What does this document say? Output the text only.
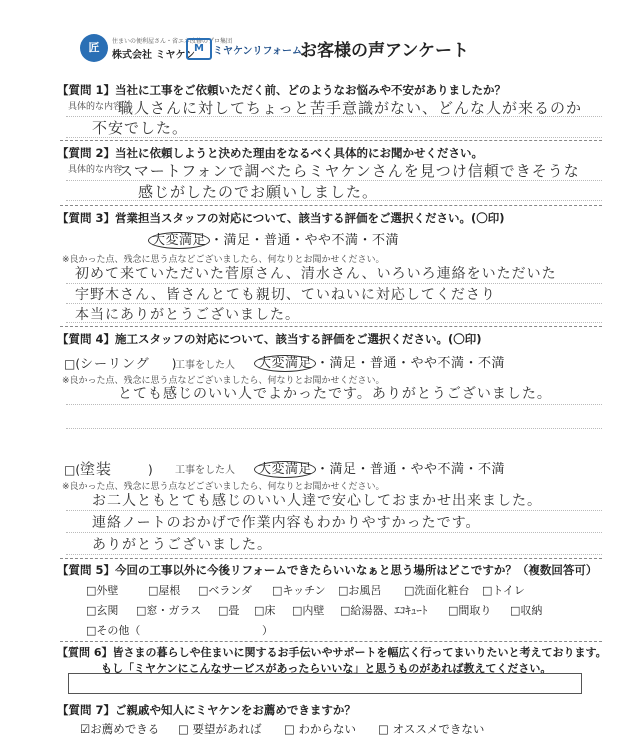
匠	住まいの便利屋さん・省エネ改修のプロ集団
株式会社 ミヤケン
M ミヤケンリフォーム
お客様の声アンケート
【質問 1】当社に工事をご依頼いただく前、どのようなお悩みや不安がありましたか？
具体的な内容
職人さんに対してちょっと苦手意識がない、どんな人が来るのか
不安でした。
【質問 2】当社に依頼しようと決めた理由をなるべく具体的にお聞かせください。
具体的な内容
スマートフォンで調べたらミヤケンさんを見つけ信頼できそうな
感じがしたのでお願いしました。
【質問 3】営業担当スタッフの対応について、該当する評価をご選択ください。(〇印)
大変満足 ・満足・普通・やや不満・不満
※良かった点、残念に思う点などございましたら、何なりとお聞かせください。
初めて来ていただいた菅原さん、清水さん、いろいろ連絡をいただいた
宇野木さん、皆さんとても親切、ていねいに対応してくださり
本当にありがとうございました。
【質問 4】施工スタッフの対応について、該当する評価をご選択ください。(〇印)
□(シーリング )
工事をした人	大変満足 ・満足・普通・やや不満・不満
※良かった点、残念に思う点などございましたら、何なりとお聞かせください。
とても感じのいい人でよかったです。ありがとうございました。
□(塗装	) 工事をした人	大変満足 ・満足・普通・やや不満・不満
※良かった点、残念に思う点などございましたら、何なりとお聞かせください。
お二人ともとても感じのいい人達で安心しておまかせ出来ました。
連絡ノートのおかげで作業内容もわかりやすかったです。
ありがとうございました。
【質問 5】今回の工事以外に今後リフォームできたらいいなぁと思う場所はどこですか？（複数回答可）
□外壁	□屋根 □ベランダ □キッチン □お風呂 □洗面化粧台 □トイレ
□玄関 □窓・ガラス □畳 □床 □内壁 □給湯器、ｴｺｷｭｰﾄ □間取り □収納
□その他（	）
【質問 6】皆さまの暮らしや住まいに関するお手伝いやサポートを幅広く行ってまいりたいと考えております。
もし「ミヤケンにこんなサービスがあったらいいな」と思うものがあれば教えてください。
【質問 7】ご親戚や知人にミヤケンをお薦めできますか？
☑お薦めできる □ 要望があれば □ わからない □ オススメできない
